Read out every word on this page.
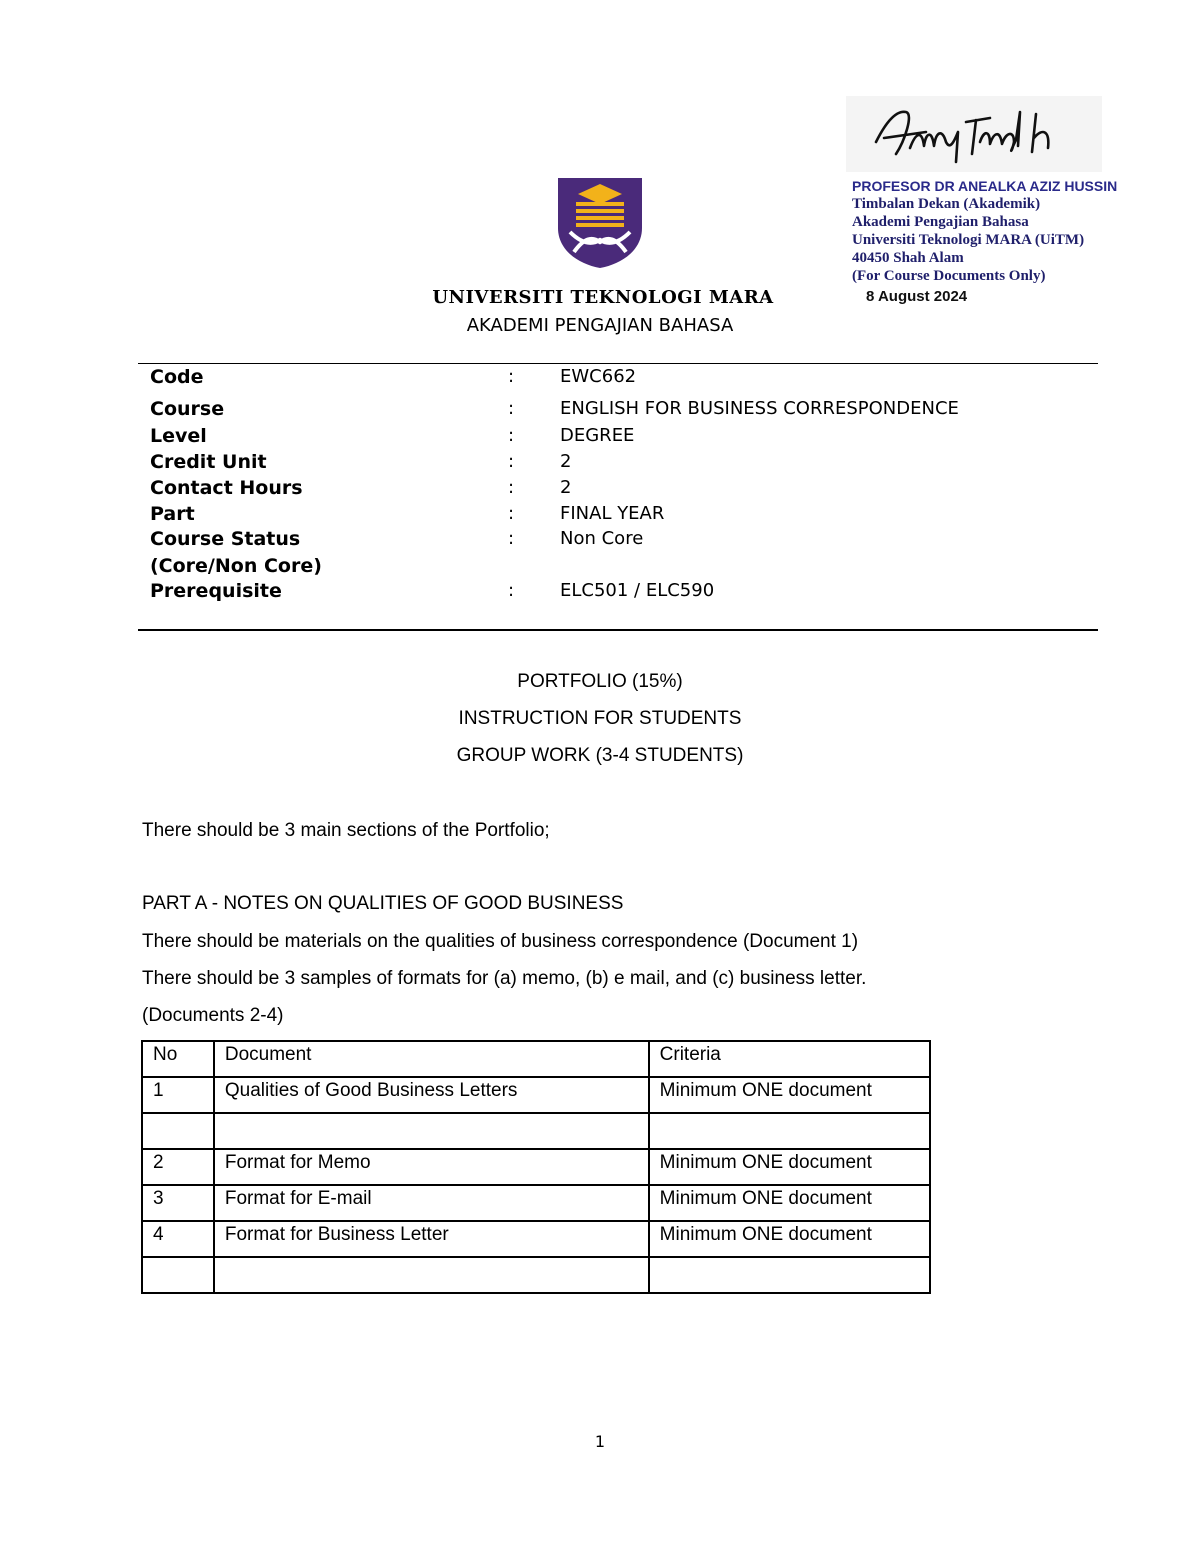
PROFESOR DR ANEALKA AZIZ HUSSIN
Timbalan Dekan (Akademik)
Akademi Pengajian Bahasa
Universiti Teknologi MARA (UiTM)
40450 Shah Alam
(For Course Documents Only)
8 August 2024
UNIVERSITI TEKNOLOGI MARA
AKADEMI PENGAJIAN BAHASA
Code	:	EWC662
Course	:	ENGLISH FOR BUSINESS CORRESPONDENCE
Level	:	DEGREE
Credit Unit	:	2
Contact Hours	:	2
Part	:	FINAL YEAR
Course Status	:	Non Core
(Core/Non Core)
Prerequisite	:	ELC501 / ELC590
PORTFOLIO (15%)
INSTRUCTION FOR STUDENTS
GROUP WORK (3-4 STUDENTS)
There should be 3 main sections of the Portfolio;
PART A - NOTES ON QUALITIES OF GOOD BUSINESS
There should be materials on the qualities of business correspondence (Document 1)
There should be 3 samples of formats for (a) memo, (b) e mail, and (c) business letter.
(Documents 2-4)
No	Document	Criteria
1	Qualities of Good Business Letters	Minimum ONE document

2	Format for Memo	Minimum ONE document
3	Format for E-mail	Minimum ONE document
4	Format for Business Letter	Minimum ONE document

1
